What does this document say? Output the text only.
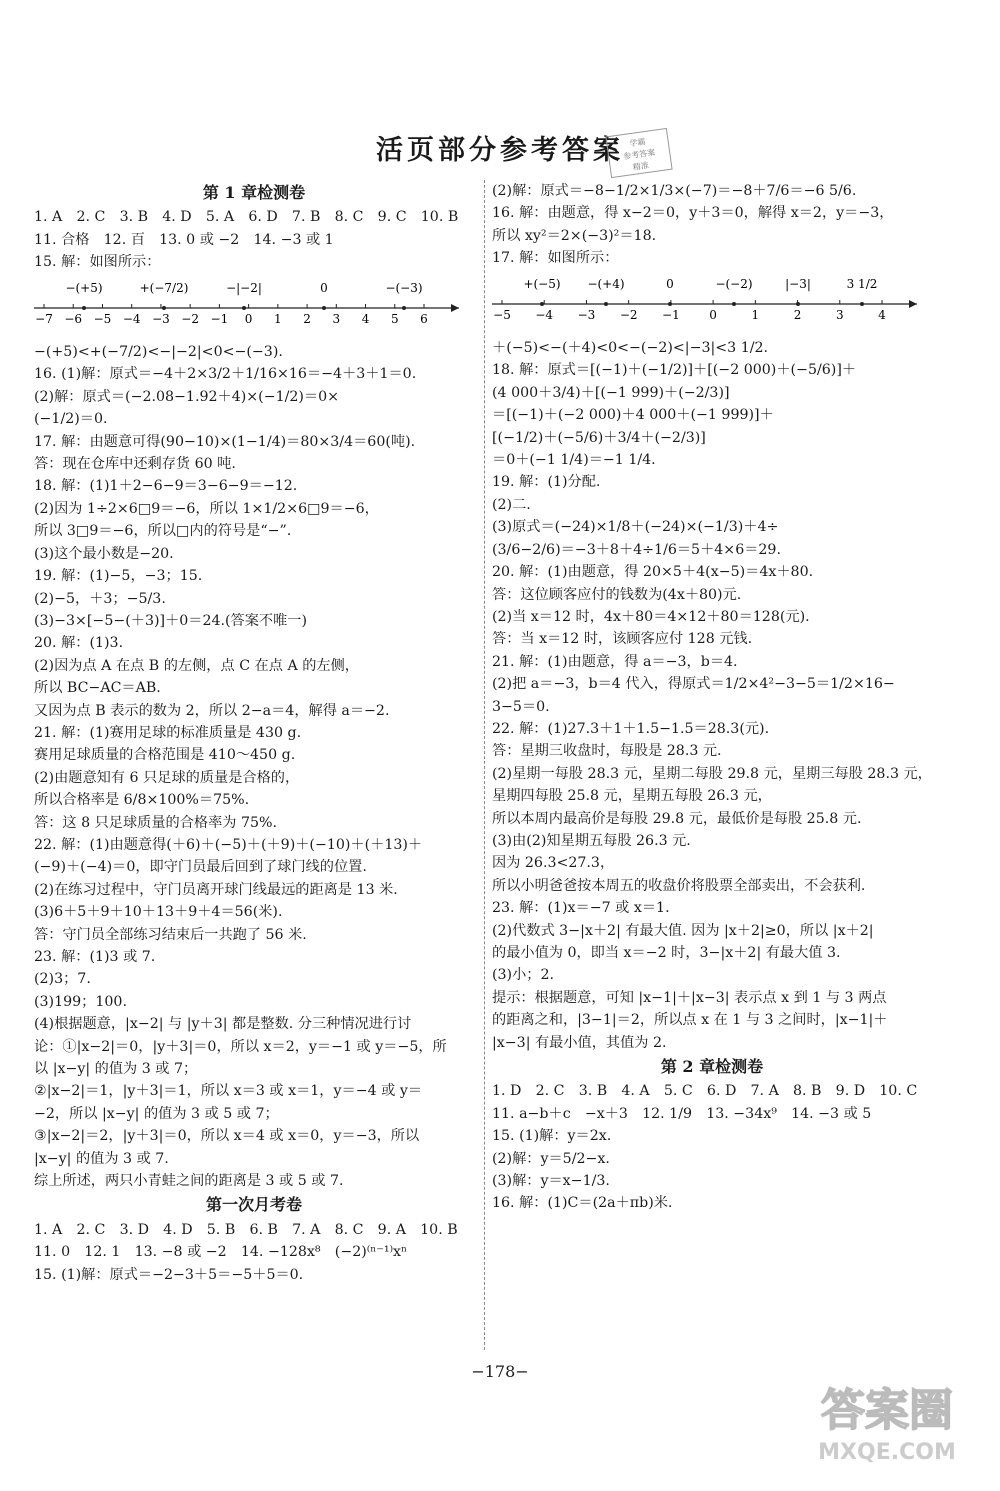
活页部分参考答案 学霸
参考答案
精准
第 1 章检测卷
1. A　2. C　3. B　4. D　5. A　6. D　7. B　8. C　9. C　10. B
11. 合格　12. 百　13. 0 或 −2　14. −3 或 1
15. 解：如图所示：
−7 −6 −5 −4 −3 −2 −1 0 1 2 3 4 5 6
−(+5)	+(−7/2)	−|−2|	0	−(−3)
−(+5)<+(−7/2)<−|−2|<0<−(−3).
16. (1)解：原式＝−4＋2×3/2＋1/16×16＝−4＋3＋1＝0.
(2)解：原式＝(−2.08−1.92＋4)×(−1/2)＝0×
(−1/2)＝0.
17. 解：由题意可得(90−10)×(1−1/4)＝80×3/4＝60(吨).
答：现在仓库中还剩存货 60 吨.
18. 解：(1)1＋2−6−9＝3−6−9＝−12.
(2)因为 1÷2×6□9＝−6，所以 1×1/2×6□9＝−6，
所以 3□9＝−6，所以□内的符号是“−”.
(3)这个最小数是−20.
19. 解：(1)−5，−3；15.
(2)−5，＋3；−5/3.
(3)−3×[−5−(＋3)]＋0＝24.(答案不唯一)
20. 解：(1)3.
(2)因为点 A 在点 B 的左侧，点 C 在点 A 的左侧，
所以 BC−AC＝AB.
又因为点 B 表示的数为 2，所以 2−a＝4，解得 a＝−2.
21. 解：(1)赛用足球的标准质量是 430 g.
赛用足球质量的合格范围是 410～450 g.
(2)由题意知有 6 只足球的质量是合格的，
所以合格率是 6/8×100%＝75%.
答：这 8 只足球质量的合格率为 75%.
22. 解：(1)由题意得(＋6)＋(−5)＋(＋9)＋(−10)＋(＋13)＋
(−9)＋(−4)＝0，即守门员最后回到了球门线的位置.
(2)在练习过程中，守门员离开球门线最远的距离是 13 米.
(3)6＋5＋9＋10＋13＋9＋4＝56(米).
答：守门员全部练习结束后一共跑了 56 米.
23. 解：(1)3 或 7.
(2)3；7.
(3)199；100.
(4)根据题意，|x−2| 与 |y＋3| 都是整数. 分三种情况进行讨
论：①|x−2|＝0，|y＋3|＝0，所以 x＝2，y＝−1 或 y＝−5，所
以 |x−y| 的值为 3 或 7；
②|x−2|＝1，|y＋3|＝1，所以 x＝3 或 x＝1，y＝−4 或 y＝
−2，所以 |x−y| 的值为 3 或 5 或 7；
③|x−2|＝2，|y＋3|＝0，所以 x＝4 或 x＝0，y＝−3，所以
|x−y| 的值为 3 或 7.
综上所述，两只小青蛙之间的距离是 3 或 5 或 7.
第一次月考卷
1. A　2. C　3. D　4. D　5. B　6. B　7. A　8. C　9. A　10. B
11. 0　12. 1　13. −8 或 −2　14. −128x⁸　(−2)⁽ⁿ⁻¹⁾xⁿ
15. (1)解：原式＝−2−3＋5＝−5＋5＝0.
(2)解：原式＝−8−1/2×1/3×(−7)＝−8＋7/6＝−6 5/6.
16. 解：由题意，得 x−2＝0，y＋3＝0，解得 x＝2，y＝−3，
所以 xy²＝2×(−3)²＝18.
17. 解：如图所示：
−5 −4 −3 −2 −1 0	1	2	3	4
+(−5) −(+4)	0	−(−2)	|−3|	3 1/2
＋(−5)<−(＋4)<0<−(−2)<|−3|<3 1/2.
18. 解：原式＝[(−1)＋(−1/2)]＋[(−2 000)＋(−5/6)]＋
(4 000＋3/4)＋[(−1 999)＋(−2/3)]
＝[(−1)＋(−2 000)＋4 000＋(−1 999)]＋
[(−1/2)＋(−5/6)＋3/4＋(−2/3)]
＝0＋(−1 1/4)＝−1 1/4.
19. 解：(1)分配.
(2)二.
(3)原式＝(−24)×1/8＋(−24)×(−1/3)＋4÷
(3/6−2/6)＝−3＋8＋4÷1/6＝5＋4×6＝29.
20. 解：(1)由题意，得 20×5＋4(x−5)＝4x＋80.
答：这位顾客应付的钱数为(4x＋80)元.
(2)当 x＝12 时，4x＋80＝4×12＋80＝128(元).
答：当 x＝12 时，该顾客应付 128 元钱.
21. 解：(1)由题意，得 a＝−3，b＝4.
(2)把 a＝−3，b＝4 代入，得原式＝1/2×4²−3−5＝1/2×16−
3−5＝0.
22. 解：(1)27.3＋1＋1.5−1.5＝28.3(元).
答：星期三收盘时，每股是 28.3 元.
(2)星期一每股 28.3 元，星期二每股 29.8 元，星期三每股 28.3 元，
星期四每股 25.8 元，星期五每股 26.3 元，
所以本周内最高价是每股 29.8 元，最低价是每股 25.8 元.
(3)由(2)知星期五每股 26.3 元.
因为 26.3<27.3，
所以小明爸爸按本周五的收盘价将股票全部卖出，不会获利.
23. 解：(1)x＝−7 或 x＝1.
(2)代数式 3−|x＋2| 有最大值. 因为 |x＋2|≥0，所以 |x＋2|
的最小值为 0，即当 x＝−2 时，3−|x＋2| 有最大值 3.
(3)小；2.
提示：根据题意，可知 |x−1|＋|x−3| 表示点 x 到 1 与 3 两点
的距离之和，|3−1|＝2，所以点 x 在 1 与 3 之间时，|x−1|＋
|x−3| 有最小值，其值为 2.
第 2 章检测卷
1. D　2. C　3. B　4. A　5. C　6. D　7. A　8. B　9. D　10. C
11. a−b＋c　−x＋3　12. 1/9　13. −34x⁹　14. −3 或 5
15. (1)解：y＝2x.
(2)解：y＝5/2−x.
(3)解：y＝x−1/3.
16. 解：(1)C＝(2a＋πb)米.
−178−
答案圈
MXQE.COM
